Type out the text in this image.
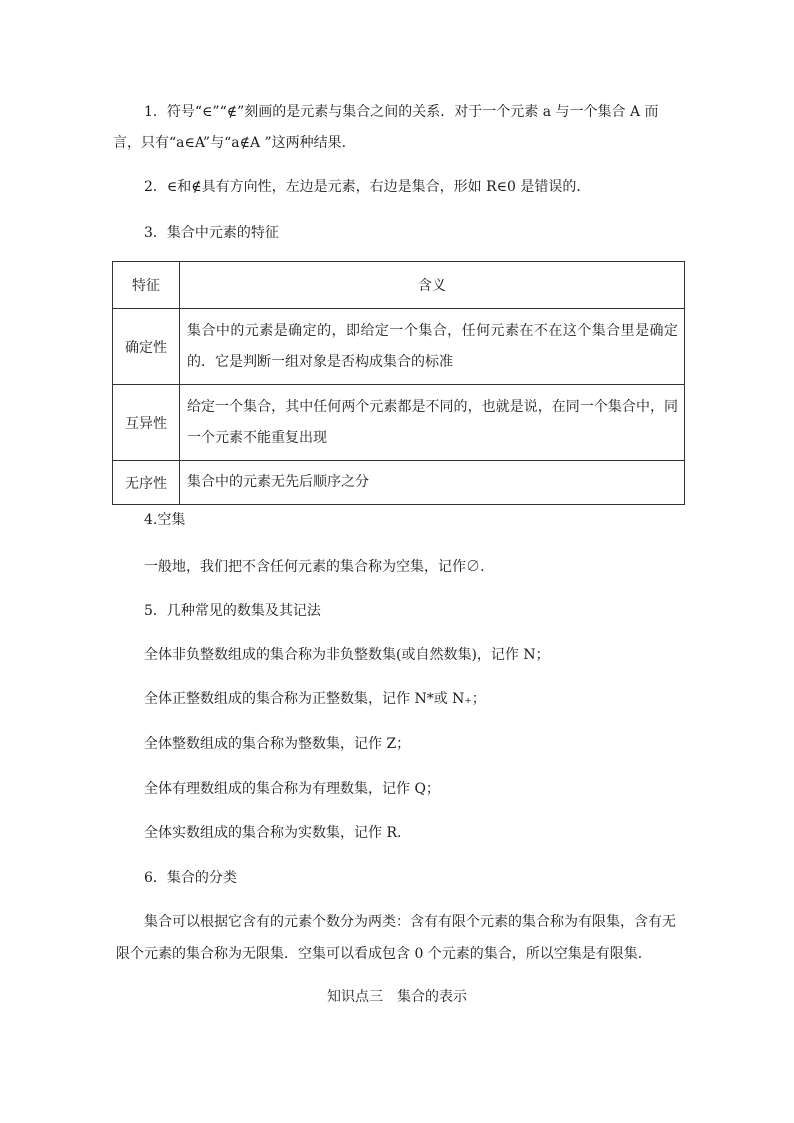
1．符号“∈”“∉”刻画的是元素与集合之间的关系．对于一个元素 a 与一个集合 A 而
言，只有“a∈A”与“a∉A ”这两种结果．
2．∈和∉具有方向性，左边是元素，右边是集合，形如 R∈0 是错误的．
3．集合中元素的特征
特征	含义
确定性	集合中的元素是确定的，即给定一个集合，任何元素在不在这个集合里是确定的．它是判断一组对象是否构成集合的标准
互异性	给定一个集合，其中任何两个元素都是不同的，也就是说，在同一个集合中，同一个元素不能重复出现
无序性	集合中的元素无先后顺序之分
4.空集
一般地，我们把不含任何元素的集合称为空集，记作∅.
5．几种常见的数集及其记法
全体非负整数组成的集合称为非负整数集(或自然数集)，记作 N；
全体正整数组成的集合称为正整数集，记作 N*或 N₊；
全体整数组成的集合称为整数集，记作 Z；
全体有理数组成的集合称为有理数集，记作 Q；
全体实数组成的集合称为实数集，记作 R.
6．集合的分类
集合可以根据它含有的元素个数分为两类：含有有限个元素的集合称为有限集，含有无
限个元素的集合称为无限集．空集可以看成包含 0 个元素的集合，所以空集是有限集．
知识点三　集合的表示
